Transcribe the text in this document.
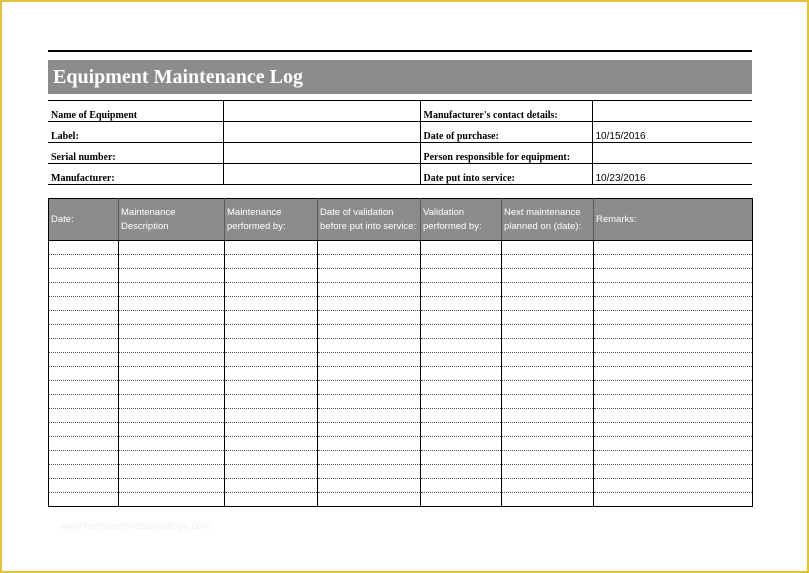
Equipment Maintenance Log
Name of Equipment		Manufacturer's contact details:	
Label:		Date of purchase:	10/15/2016
Serial number:		Person responsible for equipment:	
Manufacturer:		Date put into service:	10/23/2016
Date:	Maintenance Description	Maintenance performed by:	Date of validation before put into service:	Validation performed by:	Next maintenance planned on (date):	Remarks:

www.heritagechristiancollege.com
